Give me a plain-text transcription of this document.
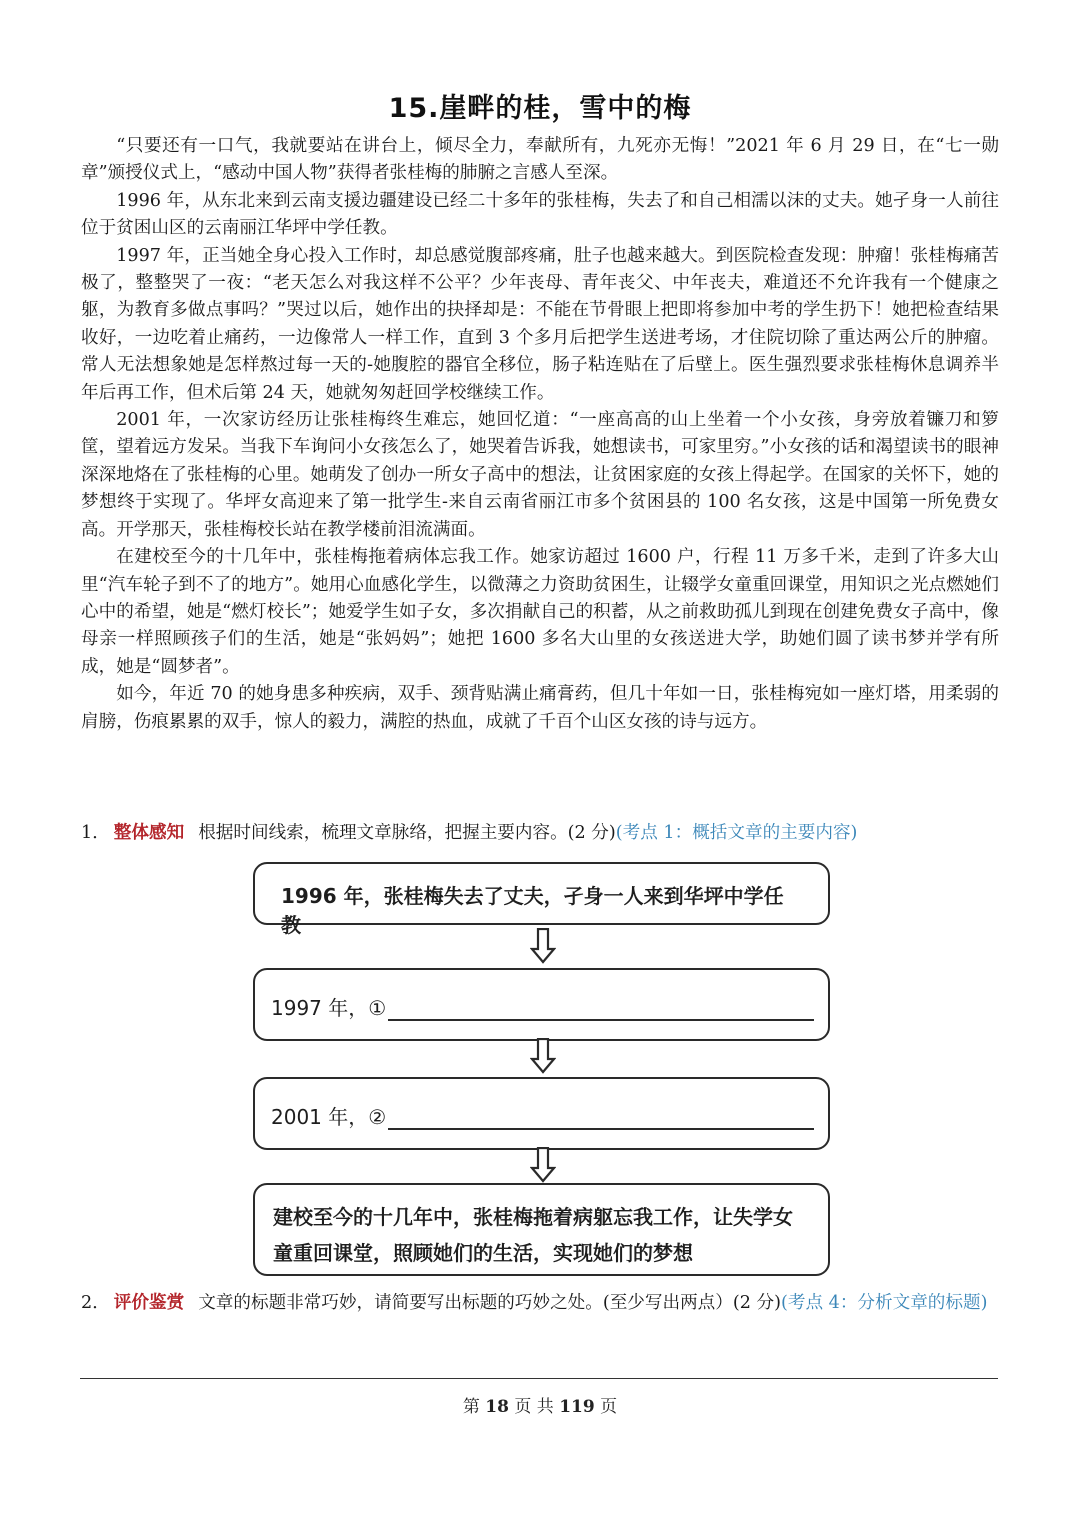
15.崖畔的桂，雪中的梅

“只要还有一口气，我就要站在讲台上，倾尽全力，奉献所有，九死亦无悔！”2021 年 6 月 29 日，在“七一勋章”颁授仪式上，“感动中国人物”获得者张桂梅的肺腑之言感人至深。

1996 年，从东北来到云南支援边疆建设已经二十多年的张桂梅，失去了和自己相濡以沫的丈夫。她孑身一人前往位于贫困山区的云南丽江华坪中学任教。

1997 年，正当她全身心投入工作时，却总感觉腹部疼痛，肚子也越来越大。到医院检查发现：肿瘤！张桂梅痛苦极了，整整哭了一夜：“老天怎么对我这样不公平？少年丧母、青年丧父、中年丧夫，难道还不允许我有一个健康之躯，为教育多做点事吗？”哭过以后，她作出的抉择却是：不能在节骨眼上把即将参加中考的学生扔下！她把检查结果收好，一边吃着止痛药，一边像常人一样工作，直到 3 个多月后把学生送进考场，才住院切除了重达两公斤的肿瘤。常人无法想象她是怎样熬过每一天的-她腹腔的器官全移位，肠子粘连贴在了后壁上。医生强烈要求张桂梅休息调养半年后再工作，但术后第 24 天，她就匆匆赶回学校继续工作。

2001 年，一次家访经历让张桂梅终生难忘，她回忆道：“一座高高的山上坐着一个小女孩，身旁放着镰刀和箩筐，望着远方发呆。当我下车询问小女孩怎么了，她哭着告诉我，她想读书，可家里穷。”小女孩的话和渴望读书的眼神深深地烙在了张桂梅的心里。她萌发了创办一所女子高中的想法，让贫困家庭的女孩上得起学。在国家的关怀下，她的梦想终于实现了。华坪女高迎来了第一批学生-来自云南省丽江市多个贫困县的 100 名女孩，这是中国第一所免费女高。开学那天，张桂梅校长站在教学楼前泪流满面。

在建校至今的十几年中，张桂梅拖着病体忘我工作。她家访超过 1600 户，行程 11 万多千米，走到了许多大山里“汽车轮子到不了的地方”。她用心血感化学生，以微薄之力资助贫困生，让辍学女童重回课堂，用知识之光点燃她们心中的希望，她是“燃灯校长”；她爱学生如子女，多次捐献自己的积蓄，从之前救助孤儿到现在创建免费女子高中，像母亲一样照顾孩子们的生活，她是“张妈妈”；她把 1600 多名大山里的女孩送进大学，助她们圆了读书梦并学有所成，她是“圆梦者”。

如今，年近 70 的她身患多种疾病，双手、颈背贴满止痛膏药，但几十年如一日，张桂梅宛如一座灯塔，用柔弱的肩膀，伤痕累累的双手，惊人的毅力，满腔的热血，成就了千百个山区女孩的诗与远方。

1． 整体感知 根据时间线索，梳理文章脉络，把握主要内容。(2 分)(考点 1：概括文章的主要内容)
1996 年，张桂梅失去了丈夫，孑身一人来到华坪中学任教
1997 年，①
2001 年，②
建校至今的十几年中，张桂梅拖着病躯忘我工作，让失学女童重回课堂，照顾她们的生活，实现她们的梦想
2． 评价鉴赏 文章的标题非常巧妙，请简要写出标题的巧妙之处。(至少写出两点）(2 分)(考点 4：分析文章的标题)
第 18 页 共 119 页
